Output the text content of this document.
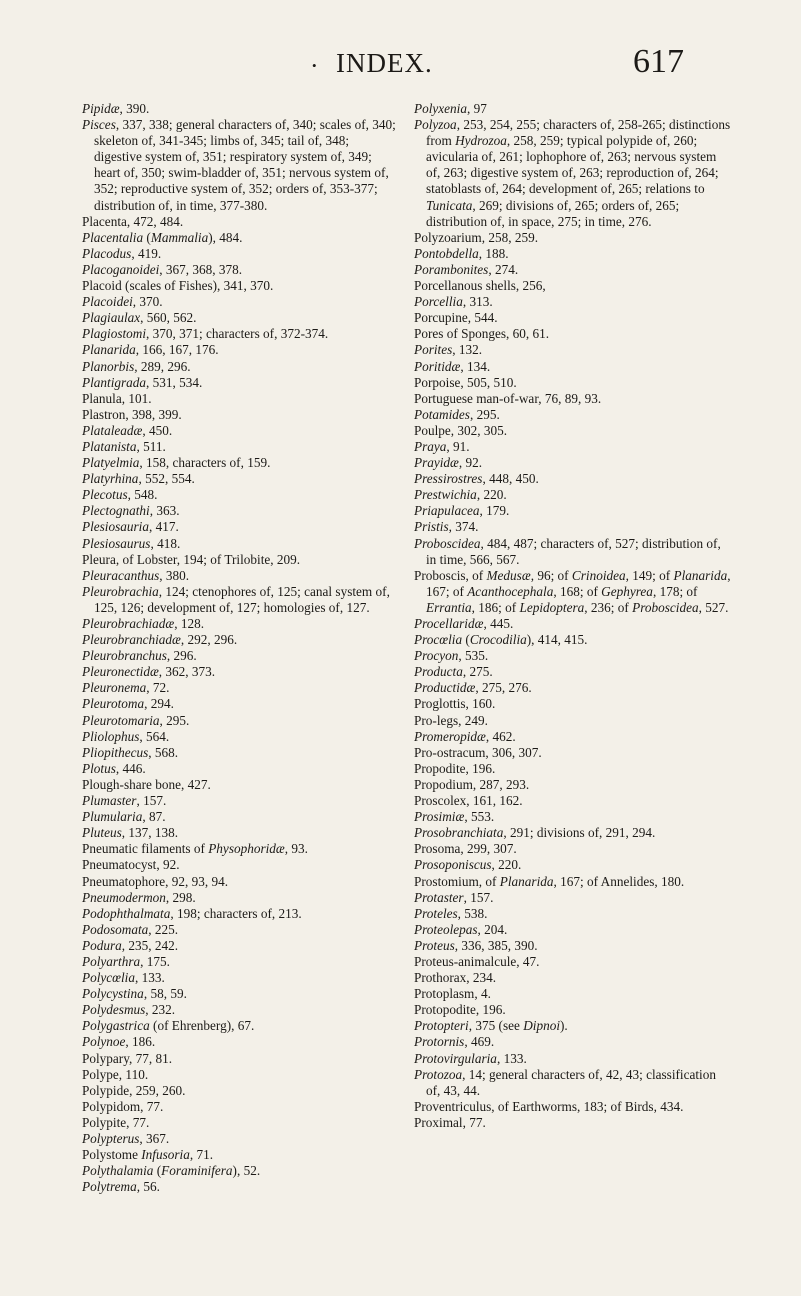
• INDEX.	617

Pipidæ, 390.

Pisces, 337, 338; general characters of, 340; scales of, 340; skeleton of, 341-345; limbs of, 345; tail of, 348; digestive system of, 351; respiratory system of, 349; heart of, 350; swim-bladder of, 351; nervous system of, 352; reproductive system of, 352; orders of, 353-377; distribution of, in time, 377-380.

Placenta, 472, 484.

Placentalia (Mammalia), 484.

Placodus, 419.

Placoganoidei, 367, 368, 378.

Placoid (scales of Fishes), 341, 370.

Placoidei, 370.

Plagiaulax, 560, 562.

Plagiostomi, 370, 371; characters of, 372-374.

Planarida, 166, 167, 176.

Planorbis, 289, 296.

Plantigrada, 531, 534.

Planula, 101.

Plastron, 398, 399.

Plataleadæ, 450.

Platanista, 511.

Platyelmia, 158, characters of, 159.

Platyrhina, 552, 554.

Plecotus, 548.

Plectognathi, 363.

Plesiosauria, 417.

Plesiosaurus, 418.

Pleura, of Lobster, 194; of Trilobite, 209.

Pleuracanthus, 380.

Pleurobrachia, 124; ctenophores of, 125; canal system of, 125, 126; development of, 127; homologies of, 127.

Pleurobrachiadæ, 128.

Pleurobranchiadæ, 292, 296.

Pleurobranchus, 296.

Pleuronectidæ, 362, 373.

Pleuronema, 72.

Pleurotoma, 294.

Pleurotomaria, 295.

Pliolophus, 564.

Pliopithecus, 568.

Plotus, 446.

Plough-share bone, 427.

Plumaster, 157.

Plumularia, 87.

Pluteus, 137, 138.

Pneumatic filaments of Physophoridæ, 93.

Pneumatocyst, 92.

Pneumatophore, 92, 93, 94.

Pneumodermon, 298.

Podophthalmata, 198; characters of, 213.

Podosomata, 225.

Podura, 235, 242.

Polyarthra, 175.

Polycœlia, 133.

Polycystina, 58, 59.

Polydesmus, 232.

Polygastrica (of Ehrenberg), 67.

Polynoe, 186.

Polypary, 77, 81.

Polype, 110.

Polypide, 259, 260.

Polypidom, 77.

Polypite, 77.

Polypterus, 367.

Polystome Infusoria, 71.

Polythalamia (Foraminifera), 52.

Polytrema, 56.

Polyxenia, 97

Polyzoa, 253, 254, 255; characters of, 258-265; distinctions from Hydrozoa, 258, 259; typical polypide of, 260; avicularia of, 261; lophophore of, 263; nervous system of, 263; digestive system of, 263; reproduction of, 264; statoblasts of, 264; development of, 265; relations to Tunicata, 269; divisions of, 265; orders of, 265; distribution of, in space, 275; in time, 276.

Polyzoarium, 258, 259.

Pontobdella, 188.

Porambonites, 274.

Porcellanous shells, 256,

Porcellia, 313.

Porcupine, 544.

Pores of Sponges, 60, 61.

Porites, 132.

Poritidæ, 134.

Porpoise, 505, 510.

Portuguese man-of-war, 76, 89, 93.

Potamides, 295.

Poulpe, 302, 305.

Praya, 91.

Prayidæ, 92.

Pressirostres, 448, 450.

Prestwichia, 220.

Priapulacea, 179.

Pristis, 374.

Proboscidea, 484, 487; characters of, 527; distribution of, in time, 566, 567.

Proboscis, of Medusæ, 96; of Crinoidea, 149; of Planarida, 167; of Acanthocephala, 168; of Gephyrea, 178; of Errantia, 186; of Lepidoptera, 236; of Proboscidea, 527.

Procellaridæ, 445.

Procœlia (Crocodilia), 414, 415.

Procyon, 535.

Producta, 275.

Productidæ, 275, 276.

Proglottis, 160.

Pro-legs, 249.

Promeropidæ, 462.

Pro-ostracum, 306, 307.

Propodite, 196.

Propodium, 287, 293.

Proscolex, 161, 162.

Prosimiæ, 553.

Prosobranchiata, 291; divisions of, 291, 294.

Prosoma, 299, 307.

Prosoponiscus, 220.

Prostomium, of Planarida, 167; of Annelides, 180.

Protaster, 157.

Proteles, 538.

Proteolepas, 204.

Proteus, 336, 385, 390.

Proteus-animalcule, 47.

Prothorax, 234.

Protoplasm, 4.

Protopodite, 196.

Protopteri, 375 (see Dipnoi).

Protornis, 469.

Protovirgularia, 133.

Protozoa, 14; general characters of, 42, 43; classification of, 43, 44.

Proventriculus, of Earthworms, 183; of Birds, 434.

Proximal, 77.
